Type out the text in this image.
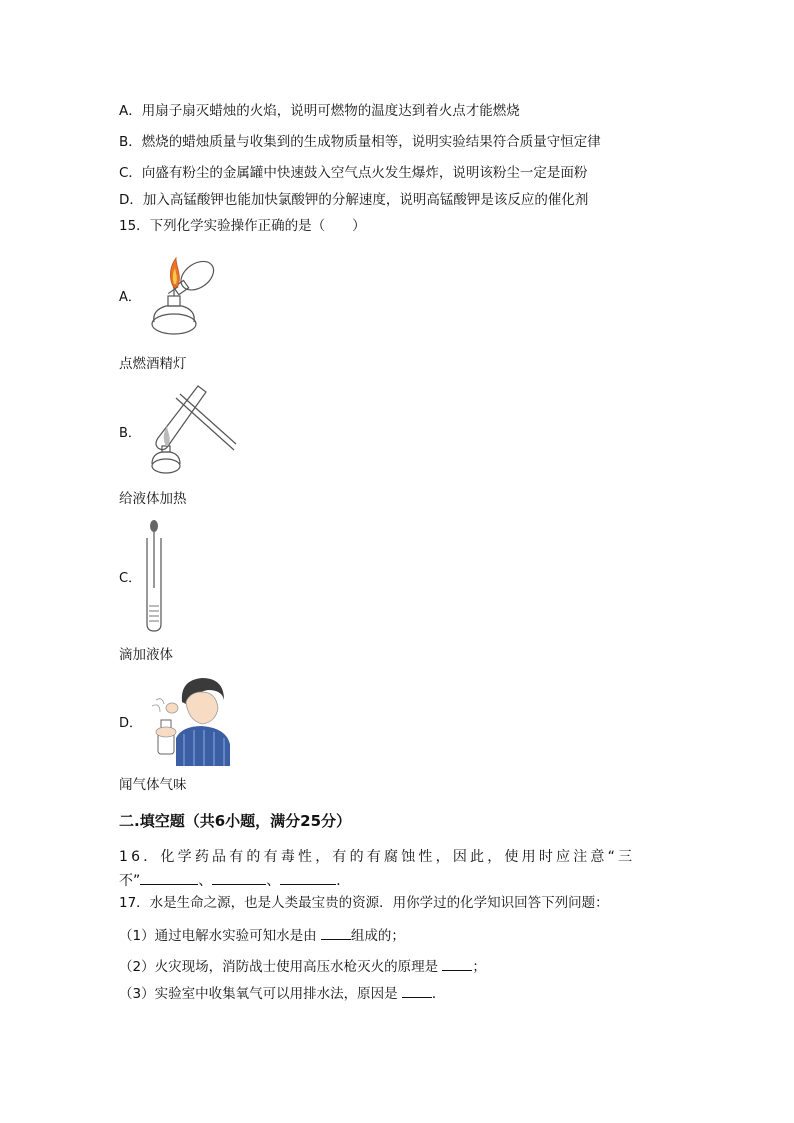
A．用扇子扇灭蜡烛的火焰，说明可燃物的温度达到着火点才能燃烧
B．燃烧的蜡烛质量与收集到的生成物质量相等，说明实验结果符合质量守恒定律
C．向盛有粉尘的金属罐中快速鼓入空气点火发生爆炸，说明该粉尘一定是面粉
D．加入高锰酸钾也能加快氯酸钾的分解速度，说明高锰酸钾是该反应的催化剂
15．下列化学实验操作正确的是（　　）
A．
点燃酒精灯
B．
给液体加热
C．
滴加液体
D．
闻气体气味
二.填空题（共6小题，满分25分）
16．化学药品有的有毒性，有的有腐蚀性，因此，使用时应注意“三
不”	、	、	．
17．水是生命之源，也是人类最宝贵的资源．用你学过的化学知识回答下列问题：
（1）通过电解水实验可知水是由 组成的；
（2）火灾现场，消防战士使用高压水枪灭火的原理是 ；
（3）实验室中收集氧气可以用排水法，原因是 ．
